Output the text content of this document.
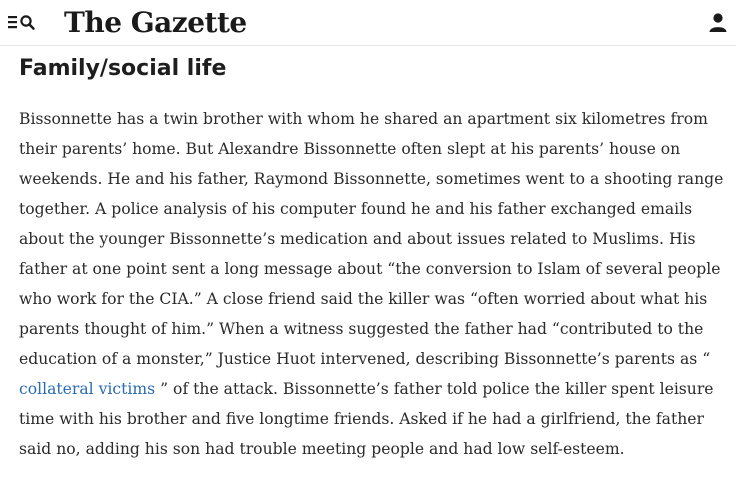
The Gazette
Family/social life

Bissonnette has a twin brother with whom he shared an apartment six kilometres from their parents’ home. But Alexandre Bissonnette often slept at his parents’ house on weekends. He and his father, Raymond Bissonnette, sometimes went to a shooting range together. A police analysis of his computer found he and his father exchanged emails about the younger Bissonnette’s medication and about issues related to Muslims. His father at one point sent a long message about “the conversion to Islam of several people who work for the CIA.” A close friend said the killer was “often worried about what his parents thought of him.” When a witness suggested the father had “contributed to the education of a monster,” Justice Huot intervened, describing Bissonnette’s parents as “ collateral victims ” of the attack. Bissonnette’s father told police the killer spent leisure time with his brother and five longtime friends. Asked if he had a girlfriend, the father said no, adding his son had trouble meeting people and had low self-esteem.
